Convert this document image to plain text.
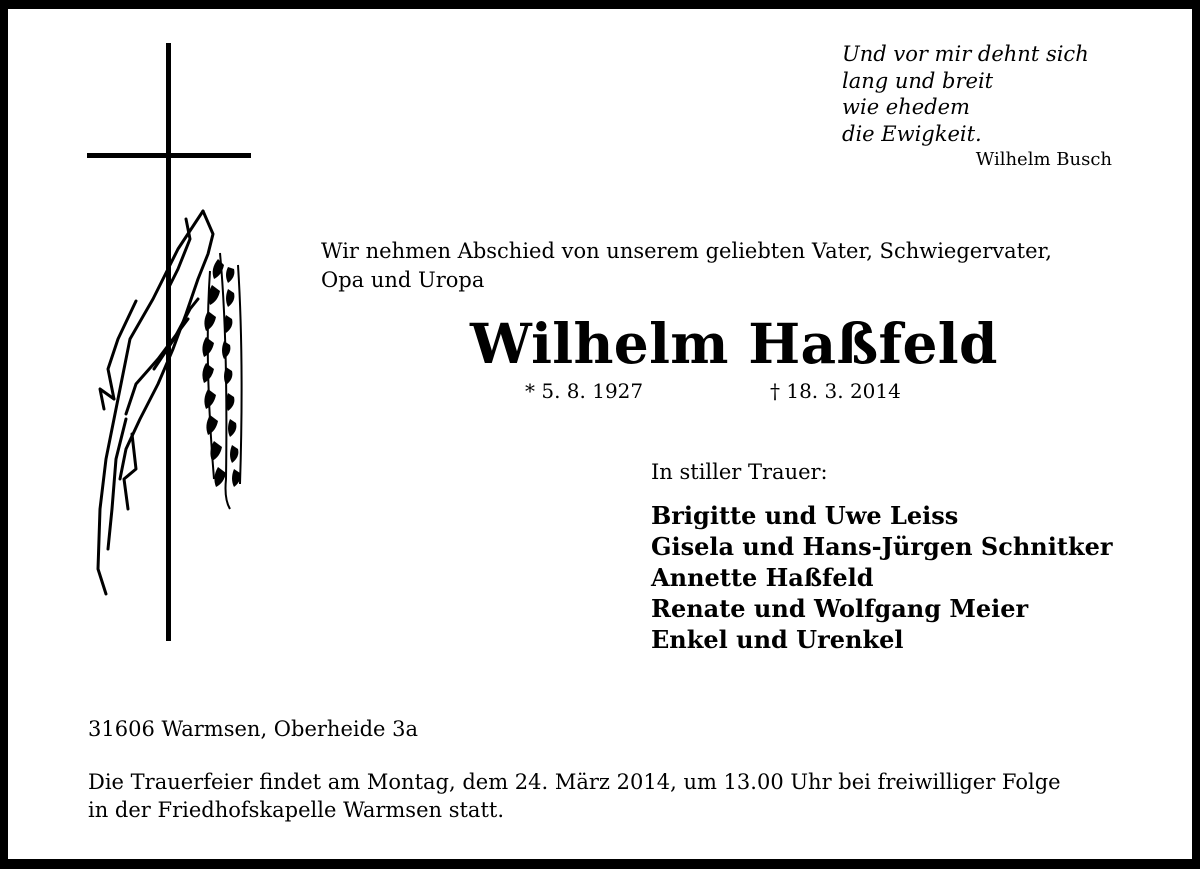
Und vor mir dehnt sich
lang und breit
wie ehedem
die Ewigkeit.
Wilhelm Busch
Wir nehmen Abschied von unserem geliebten Vater, Schwiegervater,
Opa und Uropa
Wilhelm Haßfeld
* 5. 8. 1927	† 18. 3. 2014
In stiller Trauer:
Brigitte und Uwe Leiss
Gisela und Hans-Jürgen Schnitker
Annette Haßfeld
Renate und Wolfgang Meier
Enkel und Urenkel
31606 Warmsen, Oberheide 3a
Die Trauerfeier findet am Montag, dem 24. März 2014, um 13.00 Uhr bei freiwilliger Folge
in der Friedhofskapelle Warmsen statt.
